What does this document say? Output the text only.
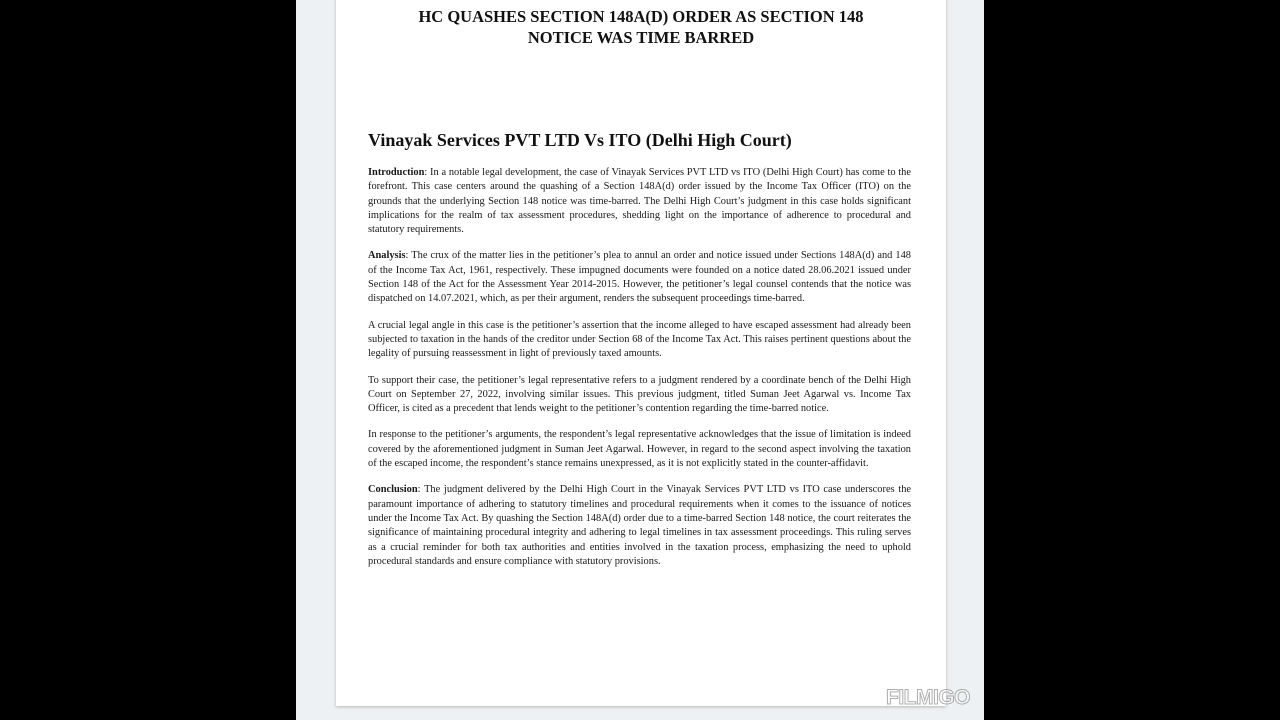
HC QUASHES SECTION 148A(D) ORDER AS SECTION 148
NOTICE WAS TIME BARRED
Vinayak Services PVT LTD Vs ITO (Delhi High Court)

Introduction: In a notable legal development, the case of Vinayak Services PVT LTD vs ITO (Delhi High Court) has come to the forefront. This case centers around the quashing of a Section 148A(d) order issued by the Income Tax Officer (ITO) on the grounds that the underlying Section 148 notice was time-barred. The Delhi High Court’s judgment in this case holds significant implications for the realm of tax assessment procedures, shedding light on the importance of adherence to procedural and statutory requirements.

Analysis: The crux of the matter lies in the petitioner’s plea to annul an order and notice issued under Sections 148A(d) and 148 of the Income Tax Act, 1961, respectively. These impugned documents were founded on a notice dated 28.06.2021 issued under Section 148 of the Act for the Assessment Year 2014-2015. However, the petitioner’s legal counsel contends that the notice was dispatched on 14.07.2021, which, as per their argument, renders the subsequent proceedings time-barred.

A crucial legal angle in this case is the petitioner’s assertion that the income alleged to have escaped assessment had already been subjected to taxation in the hands of the creditor under Section 68 of the Income Tax Act. This raises pertinent questions about the legality of pursuing reassessment in light of previously taxed amounts.

To support their case, the petitioner’s legal representative refers to a judgment rendered by a coordinate bench of the Delhi High Court on September 27, 2022, involving similar issues. This previous judgment, titled Suman Jeet Agarwal vs. Income Tax Officer, is cited as a precedent that lends weight to the petitioner’s contention regarding the time-barred notice.

In response to the petitioner’s arguments, the respondent’s legal representative acknowledges that the issue of limitation is indeed covered by the aforementioned judgment in Suman Jeet Agarwal. However, in regard to the second aspect involving the taxation of the escaped income, the respondent’s stance remains unexpressed, as it is not explicitly stated in the counter-affidavit.

Conclusion: The judgment delivered by the Delhi High Court in the Vinayak Services PVT LTD vs ITO case underscores the paramount importance of adhering to statutory timelines and procedural requirements when it comes to the issuance of notices under the Income Tax Act. By quashing the Section 148A(d) order due to a time-barred Section 148 notice, the court reiterates the significance of maintaining procedural integrity and adhering to legal timelines in tax assessment proceedings. This ruling serves as a crucial reminder for both tax authorities and entities involved in the taxation process, emphasizing the need to uphold procedural standards and ensure compliance with statutory provisions.

FILMIGO
